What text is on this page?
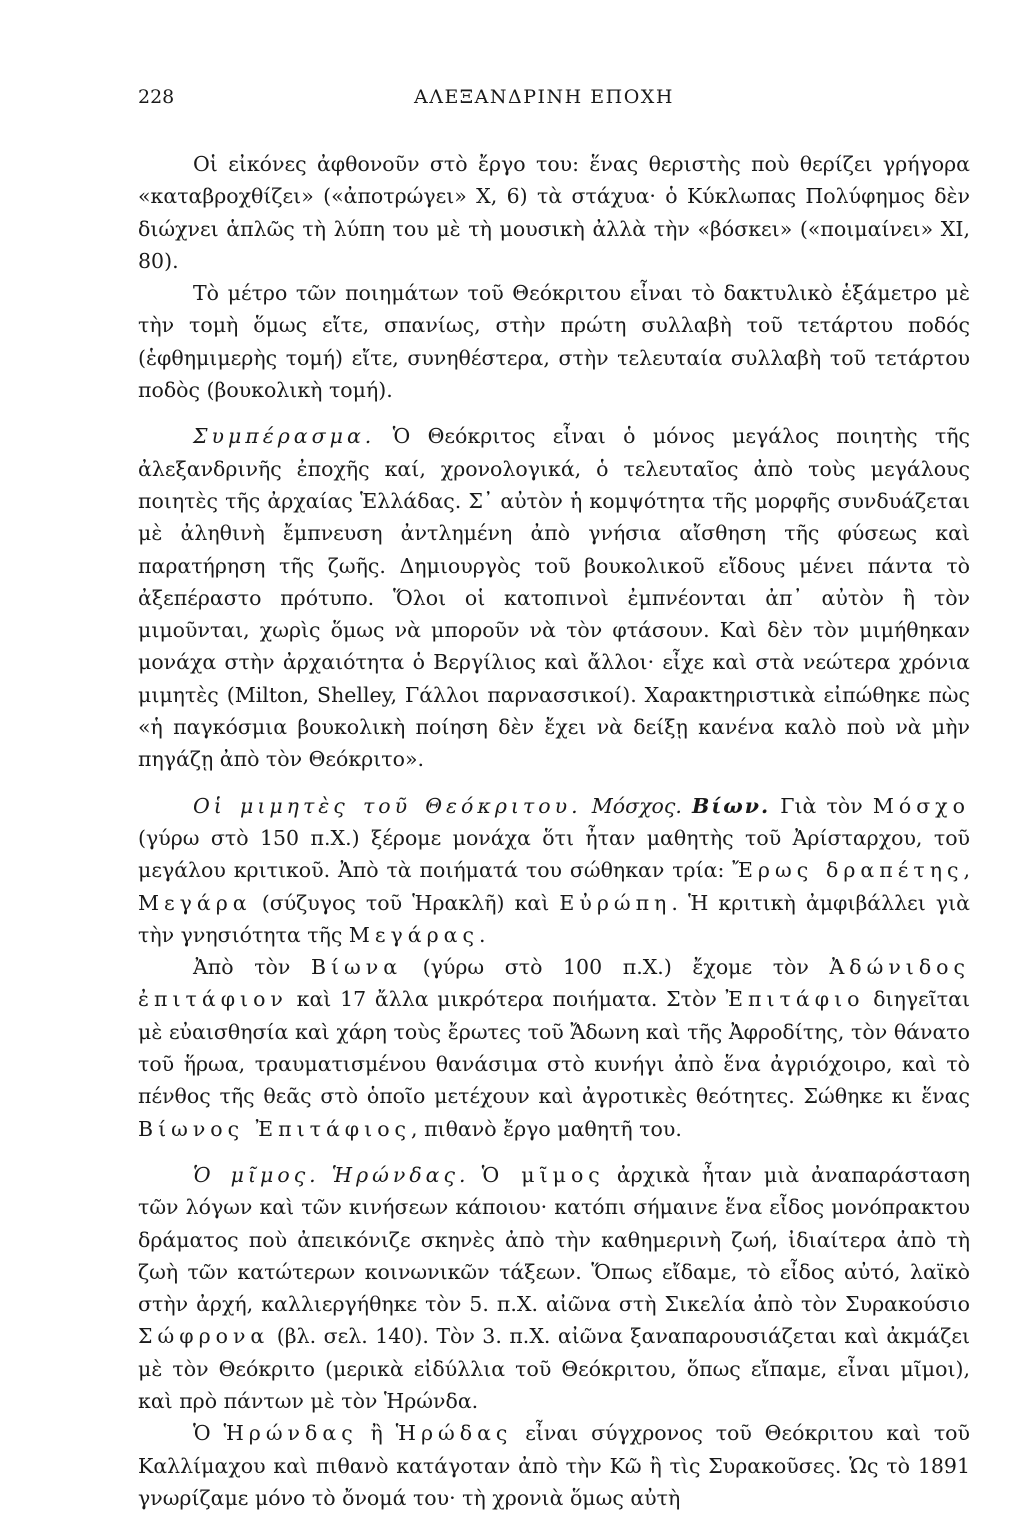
228	ΑΛΕΞΑΝΔΡΙΝΗ ΕΠΟΧΗ

Οἱ εἰκόνες ἀφθονοῦν στὸ ἔργο του: ἕνας θεριστὴς ποὺ θερίζει γρήγορα «καταβροχθίζει» («ἀποτρώγει» X, 6) τὰ στάχυα· ὁ Κύκλωπας Πολύφημος δὲν διώχνει ἁπλῶς τὴ λύπη του μὲ τὴ μουσικὴ ἀλλὰ τὴν «βόσκει» («ποιμαίνει» XI, 80).

Τὸ μέτρο τῶν ποιημάτων τοῦ Θεόκριτου εἶναι τὸ δακτυλικὸ ἑξάμετρο μὲ τὴν τομὴ ὅμως εἴτε, σπανίως, στὴν πρώτη συλλαβὴ τοῦ τετάρτου ποδός (ἑφθημιμερὴς τομή) εἴτε, συνηθέστερα, στὴν τελευταία συλλαβὴ τοῦ τετάρτου ποδὸς (βουκολικὴ τομή).

Συμπέρασμα. Ὁ Θεόκριτος εἶναι ὁ μόνος μεγάλος ποιητὴς τῆς ἀλεξανδρινῆς ἐποχῆς καί, χρονολογικά, ὁ τελευταῖος ἀπὸ τοὺς μεγάλους ποιητὲς τῆς ἀρχαίας Ἑλλάδας. Σ᾽ αὐτὸν ἡ κομψότητα τῆς μορφῆς συνδυάζεται μὲ ἀληθινὴ ἔμπνευση ἀντλημένη ἀπὸ γνήσια αἴσθηση τῆς φύσεως καὶ παρατήρηση τῆς ζωῆς. Δημιουργὸς τοῦ βουκολικοῦ εἴδους μένει πάντα τὸ ἀξεπέραστο πρότυπο. Ὅλοι οἱ κατοπινοὶ ἐμπνέονται ἀπ᾽ αὐτὸν ἢ τὸν μιμοῦνται, χωρὶς ὅμως νὰ μποροῦν νὰ τὸν φτάσουν. Καὶ δὲν τὸν μιμήθηκαν μονάχα στὴν ἀρχαιότητα ὁ Βεργίλιος καὶ ἄλλοι· εἶχε καὶ στὰ νεώτερα χρόνια μιμητὲς (Milton, Shelley, Γάλλοι παρνασσικοί). Χαρακτηριστικὰ εἰπώθηκε πὼς «ἡ παγκόσμια βουκολικὴ ποίηση δὲν ἔχει νὰ δείξῃ κανένα καλὸ ποὺ νὰ μὴν πηγάζῃ ἀπὸ τὸν Θεόκριτο».

Οἱ μιμητὲς τοῦ Θεόκριτου. Μόσχος. Βίων. Γιὰ τὸν Μόσχο (γύρω στὸ 150 π.Χ.) ξέρομε μονάχα ὅτι ἦταν μαθητὴς τοῦ Ἀρίσταρχου, τοῦ μεγάλου κριτικοῦ. Ἀπὸ τὰ ποιήματά του σώθηκαν τρία: Ἔρως δραπέτης, Μεγάρα (σύζυγος τοῦ Ἡρακλῆ) καὶ Εὐρώπη. Ἡ κριτικὴ ἀμφιβάλλει γιὰ τὴν γνησιότητα τῆς Μεγάρας.

Ἀπὸ τὸν Βίωνα (γύρω στὸ 100 π.Χ.) ἔχομε τὸν Ἀδώνιδος ἐπιτάφιον καὶ 17 ἄλλα μικρότερα ποιήματα. Στὸν Ἐπιτάφιο διηγεῖται μὲ εὐαισθησία καὶ χάρη τοὺς ἔρωτες τοῦ Ἄδωνη καὶ τῆς Ἀφροδίτης, τὸν θάνατο τοῦ ἥρωα, τραυματισμένου θανάσιμα στὸ κυνήγι ἀπὸ ἕνα ἀγριόχοιρο, καὶ τὸ πένθος τῆς θεᾶς στὸ ὁποῖο μετέχουν καὶ ἀγροτικὲς θεότητες. Σώθηκε κι ἕνας Βίωνος Ἐπιτάφιος, πιθανὸ ἔργο μαθητῆ του.

Ὁ μῖμος. Ἡρώνδας. Ὁ μῖμος ἀρχικὰ ἦταν μιὰ ἀναπαράσταση τῶν λόγων καὶ τῶν κινήσεων κάποιου· κατόπι σήμαινε ἕνα εἶδος μονόπρακτου δράματος ποὺ ἀπεικόνιζε σκηνὲς ἀπὸ τὴν καθημερινὴ ζωή, ἰδιαίτερα ἀπὸ τὴ ζωὴ τῶν κατώτερων κοινωνικῶν τάξεων. Ὅπως εἴδαμε, τὸ εἶδος αὐτό, λαϊκὸ στὴν ἀρχή, καλλιεργήθηκε τὸν 5. π.Χ. αἰῶνα στὴ Σικελία ἀπὸ τὸν Συρακούσιο Σώφρονα (βλ. σελ. 140). Τὸν 3. π.Χ. αἰῶνα ξαναπαρουσιάζεται καὶ ἀκμάζει μὲ τὸν Θεόκριτο (μερικὰ εἰδύλλια τοῦ Θεόκριτου, ὅπως εἴπαμε, εἶναι μῖμοι), καὶ πρὸ πάντων μὲ τὸν Ἡρώνδα.

Ὁ Ἡρώνδας ἢ Ἡρώδας εἶναι σύγχρονος τοῦ Θεόκριτου καὶ τοῦ Καλλίμαχου καὶ πιθανὸ κατάγοταν ἀπὸ τὴν Κῶ ἢ τὶς Συρακοῦσες. Ὡς τὸ 1891 γνωρίζαμε μόνο τὸ ὄνομά του· τὴ χρονιὰ ὅμως αὐτὴ
